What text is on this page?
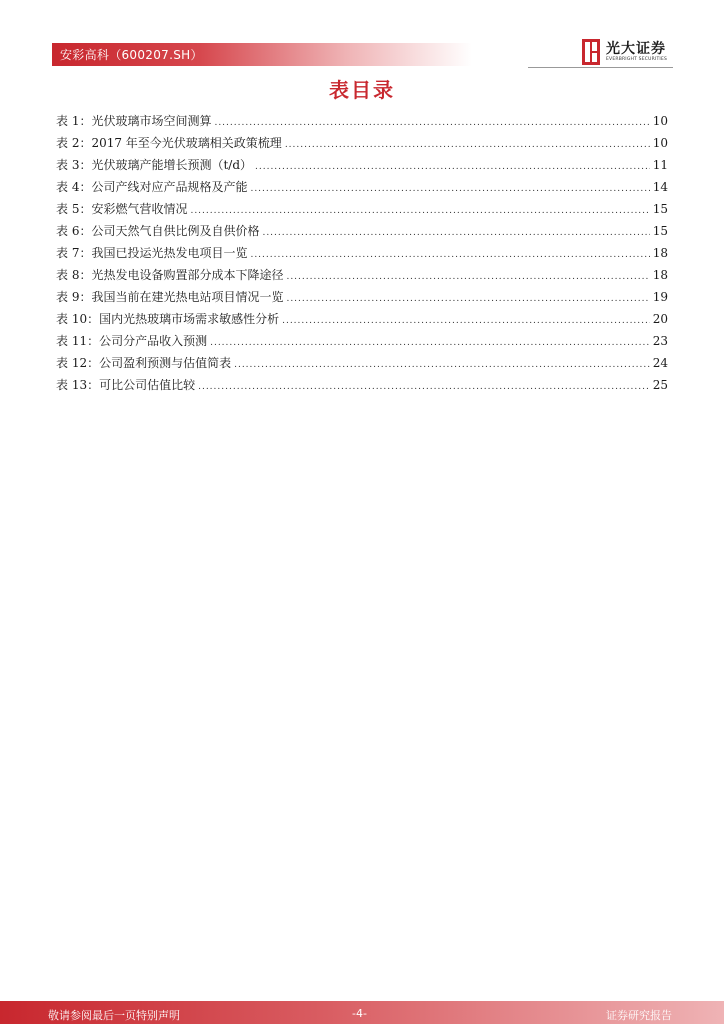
安彩高科（600207.SH）	光大证券
EVERBRIGHT SECURITIES
表目录
表 1：光伏玻璃市场空间测算 .....	10
表 2：2017 年至今光伏玻璃相关政策梳理 .....	10
表 3：光伏玻璃产能增长预测（t/d） .....	11
表 4：公司产线对应产品规格及产能 .....	14
表 5：安彩燃气营收情况 .....	15
表 6：公司天然气自供比例及自供价格 .....	15
表 7：我国已投运光热发电项目一览 .....	18
表 8：光热发电设备购置部分成本下降途径 .....	18
表 9：我国当前在建光热电站项目情况一览 .....	19
表 10：国内光热玻璃市场需求敏感性分析 .....	20
表 11：公司分产品收入预测 .....	23
表 12：公司盈利预测与估值简表 .....	24
表 13：可比公司估值比较 .....	25
敬请参阅最后一页特别声明	-4-	证券研究报告
